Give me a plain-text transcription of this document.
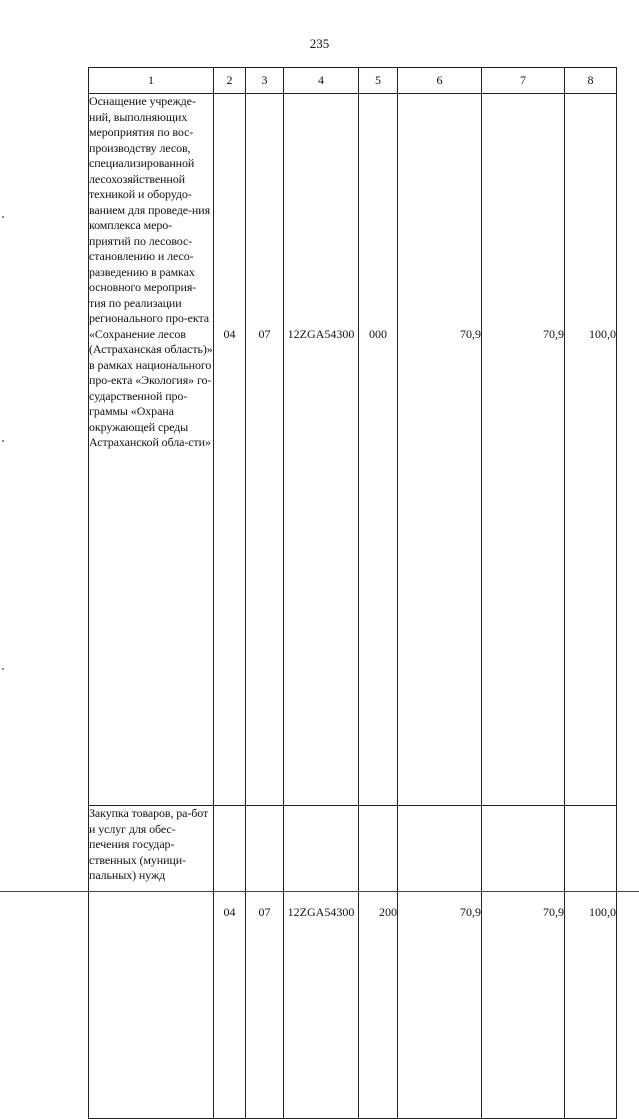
235
1	2	3	4	5	6	7	8
Оснащение учрежде-ний, выполняющих мероприятия по вос-производству лесов, специализированной лесохозяйственной техникой и оборудо-ванием для проведе-ния комплекса меро-приятий по лесовос-становлению и лесо-разведению в рамках основного мероприя-тия по реализации регионального про-екта «Сохранение лесов (Астраханская область)» в рамках национального про-екта «Экология» го-сударственной про-граммы «Охрана окружающей среды Астраханской обла-сти»	04	07	12ZGA54300	000	70,9	70,9	100,0
Закупка товаров, ра-бот и услуг для обес-печения государ-ственных (муници-пальных) нужд	04	07	12ZGA54300	200	70,9	70,9	100,0
